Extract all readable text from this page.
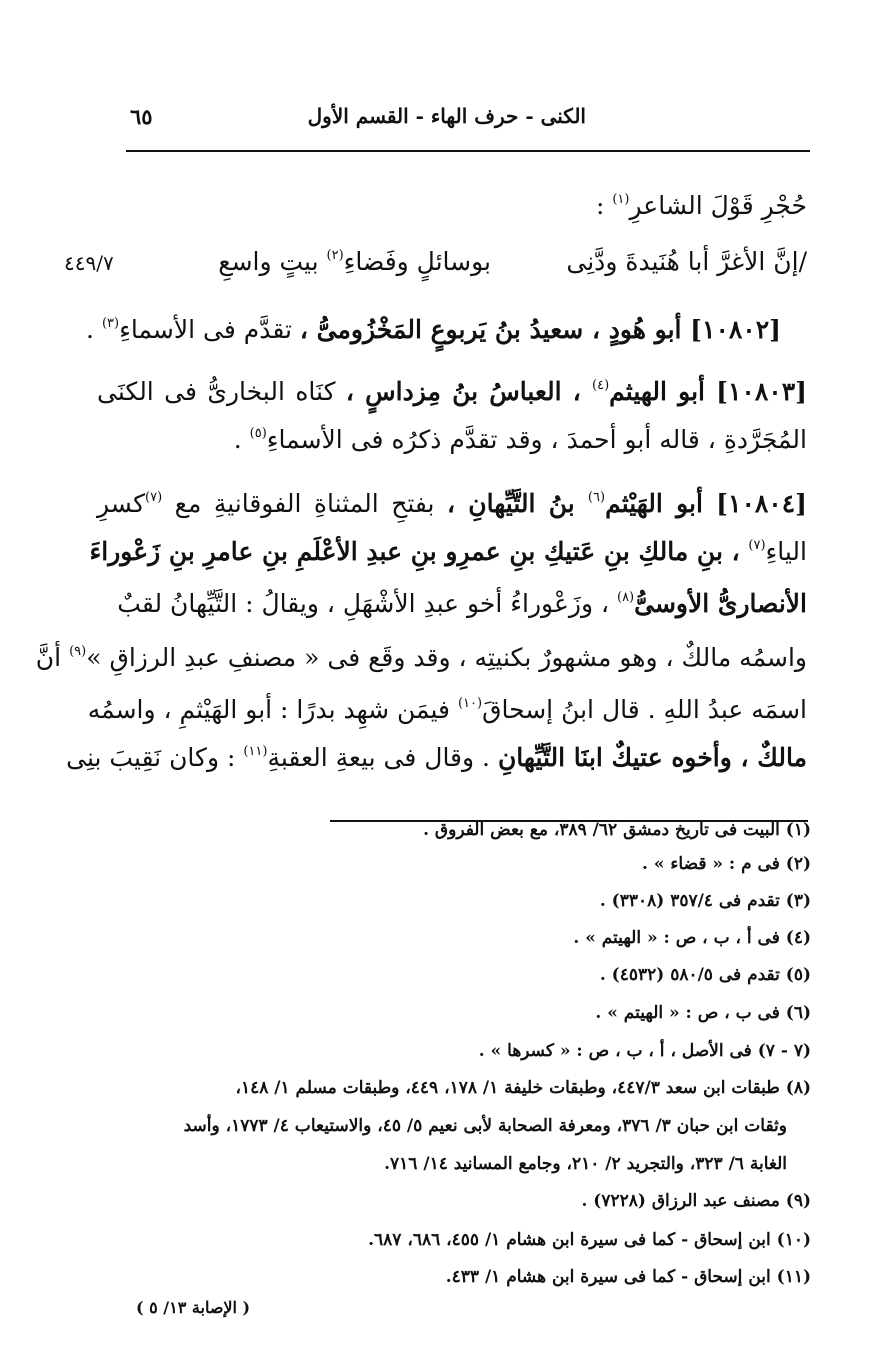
الكنى - حرف الهاء - القسم الأول
٦٥
حُجْرِ قَوْلَ الشاعرِ$^{(١)}$ :
/إنَّ الأغرَّ أبا هُنَيدةَ ودَّنِى
بوسائلٍ وفَضاءِ$^{(٢)}$ بيتٍ واسعِ
٤٤٩/٧
[١٠٨٠٢] أبو هُودٍ ، سعيدُ بنُ يَربوعٍ المَخْزُومىُّ ، تقدَّم فى الأسماءِ$^{(٣)}$ .
[١٠٨٠٣] أبو الهيثم$^{(٤)}$ ، العباسُ بنُ مِزداسٍ ، كنَاه البخارىُّ فى الكنَى
المُجَرَّدةِ ، قاله أبو أحمدَ ، وقد تقدَّم ذكرُه فى الأسماءِ$^{(٥)}$ .
[١٠٨٠٤] أبو الهَيْثم$^{(٦)}$ بنُ التَّيِّهانِ ، بفتحِ المثناةِ الفوقانيةِ مع $^{(٧)}$كسرِ
الياءِ$^{(٧)}$ ، بنِ مالكِ بنِ عَتيكِ بنِ عمرِو بنِ عبدِ الأعْلَمِ بنِ عامرِ بنِ زَعْوراءَ
الأنصارىُّ الأوسىُّ$^{(٨)}$ ، وزَعْوراءُ أخو عبدِ الأشْهَلِ ، ويقالُ : التَّيِّهانُ لقبٌ
واسمُه مالكٌ ، وهو مشهورٌ بكنيتِه ، وقد وقَع فى « مصنفِ عبدِ الرزاقِ »$^{(٩)}$ أنَّ
اسمَه عبدُ اللهِ . قال ابنُ إسحاقَ$^{(١٠)}$ فيمَن شهِد بدرًا : أبو الهَيْثمِ ، واسمُه
مالكٌ ، وأخوه عتيكٌ ابنَا التَّيِّهانِ . وقال فى بيعةِ العقبةِ$^{(١١)}$ : وكان نَقِيبَ بنِى
(١) البيت فى تاريخ دمشق ٦٢/ ٣٨٩، مع بعض الفروق .
(٢) فى م : « قضاء » .
(٣) تقدم فى ٣٥٧/٤ (٣٣٠٨) .
(٤) فى أ ، ب ، ص : « الهيتم » .
(٥) تقدم فى ٥٨٠/٥ (٤٥٣٢) .
(٦) فى ب ، ص : « الهيتم » .
(٧ - ٧) فى الأصل ، أ ، ب ، ص : « كسرها » .
(٨) طبقات ابن سعد ٤٤٧/٣، وطبقات خليفة ١/ ١٧٨، ٤٤٩، وطبقات مسلم ١/ ١٤٨،
وثقات ابن حبان ٣/ ٣٧٦، ومعرفة الصحابة لأبى نعيم ٥/ ٤٥، والاستيعاب ٤/ ١٧٧٣، وأسد
الغابة ٦/ ٣٢٣، والتجريد ٢/ ٢١٠، وجامع المسانيد ١٤/ ٧١٦.
(٩) مصنف عبد الرزاق (٧٢٢٨) .
(١٠) ابن إسحاق - كما فى سيرة ابن هشام ١/ ٤٥٥، ٦٨٦، ٦٨٧.
(١١) ابن إسحاق - كما فى سيرة ابن هشام ١/ ٤٣٣.
( الإصابة ١٣/ ٥ )
